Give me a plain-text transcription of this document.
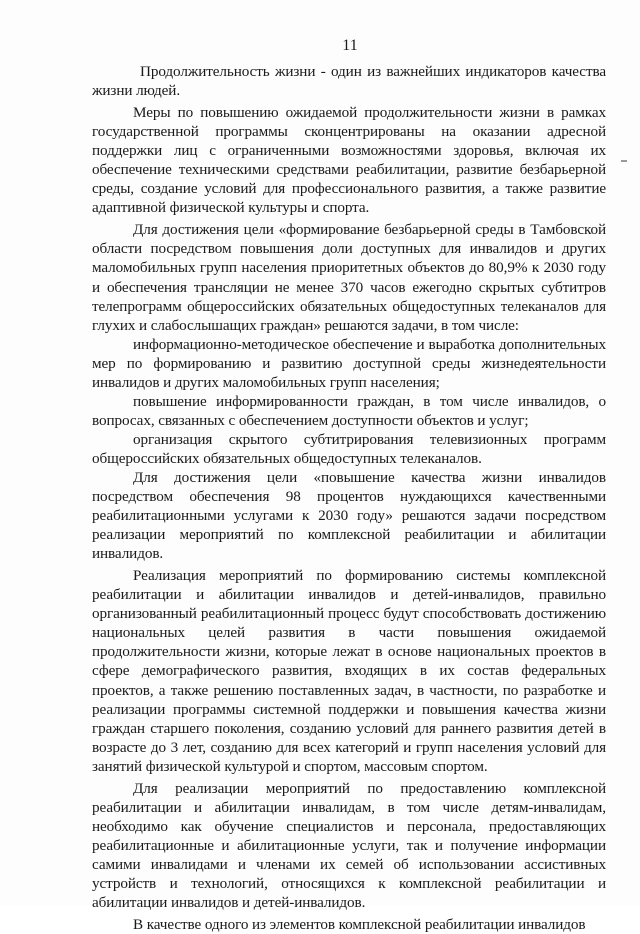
11

Продолжительность жизни - один из важнейших индикаторов качества жизни людей.

Меры по повышению ожидаемой продолжительности жизни в рамках государственной программы сконцентрированы на оказании адресной поддержки лиц с ограниченными возможностями здоровья, включая их обеспечение техническими средствами реабилитации, развитие безбарьерной среды, создание условий для профессионального развития, а также развитие адаптивной физической культуры и спорта.

Для достижения цели «формирование безбарьерной среды в Тамбовской области посредством повышения доли доступных для инвалидов и других маломобильных групп населения приоритетных объектов до 80,9% к 2030 году и обеспечения трансляции не менее 370 часов ежегодно скрытых субтитров телепрограмм общероссийских обязательных общедоступных телеканалов для глухих и слабослышащих граждан» решаются задачи, в том числе:

информационно-методическое обеспечение и выработка дополнительных мер по формированию и развитию доступной среды жизнедеятельности инвалидов и других маломобильных групп населения;

повышение информированности граждан, в том числе инвалидов, о вопросах, связанных с обеспечением доступности объектов и услуг;

организация скрытого субтитрирования телевизионных программ общероссийских обязательных общедоступных телеканалов.

Для достижения цели «повышение качества жизни инвалидов посредством обеспечения 98 процентов нуждающихся качественными реабилитационными услугами к 2030 году» решаются задачи посредством реализации мероприятий по комплексной реабилитации и абилитации инвалидов.

Реализация мероприятий по формированию системы комплексной реабилитации и абилитации инвалидов и детей-инвалидов, правильно организованный реабилитационный процесс будут способствовать достижению национальных целей развития в части повышения ожидаемой продолжительности жизни, которые лежат в основе национальных проектов в сфере демографического развития, входящих в их состав федеральных проектов, а также решению поставленных задач, в частности, по разработке и реализации программы системной поддержки и повышения качества жизни граждан старшего поколения, созданию условий для раннего развития детей в возрасте до 3 лет, созданию для всех категорий и групп населения условий для занятий физической культурой и спортом, массовым спортом.

Для реализации мероприятий по предоставлению комплексной реабилитации и абилитации инвалидам, в том числе детям-инвалидам, необходимо как обучение специалистов и персонала, предоставляющих реабилитационные и абилитационные услуги, так и получение информации самими инвалидами и членами их семей об использовании ассистивных устройств и технологий, относящихся к комплексной реабилитации и абилитации инвалидов и детей-инвалидов.

В качестве одного из элементов комплексной реабилитации инвалидов
